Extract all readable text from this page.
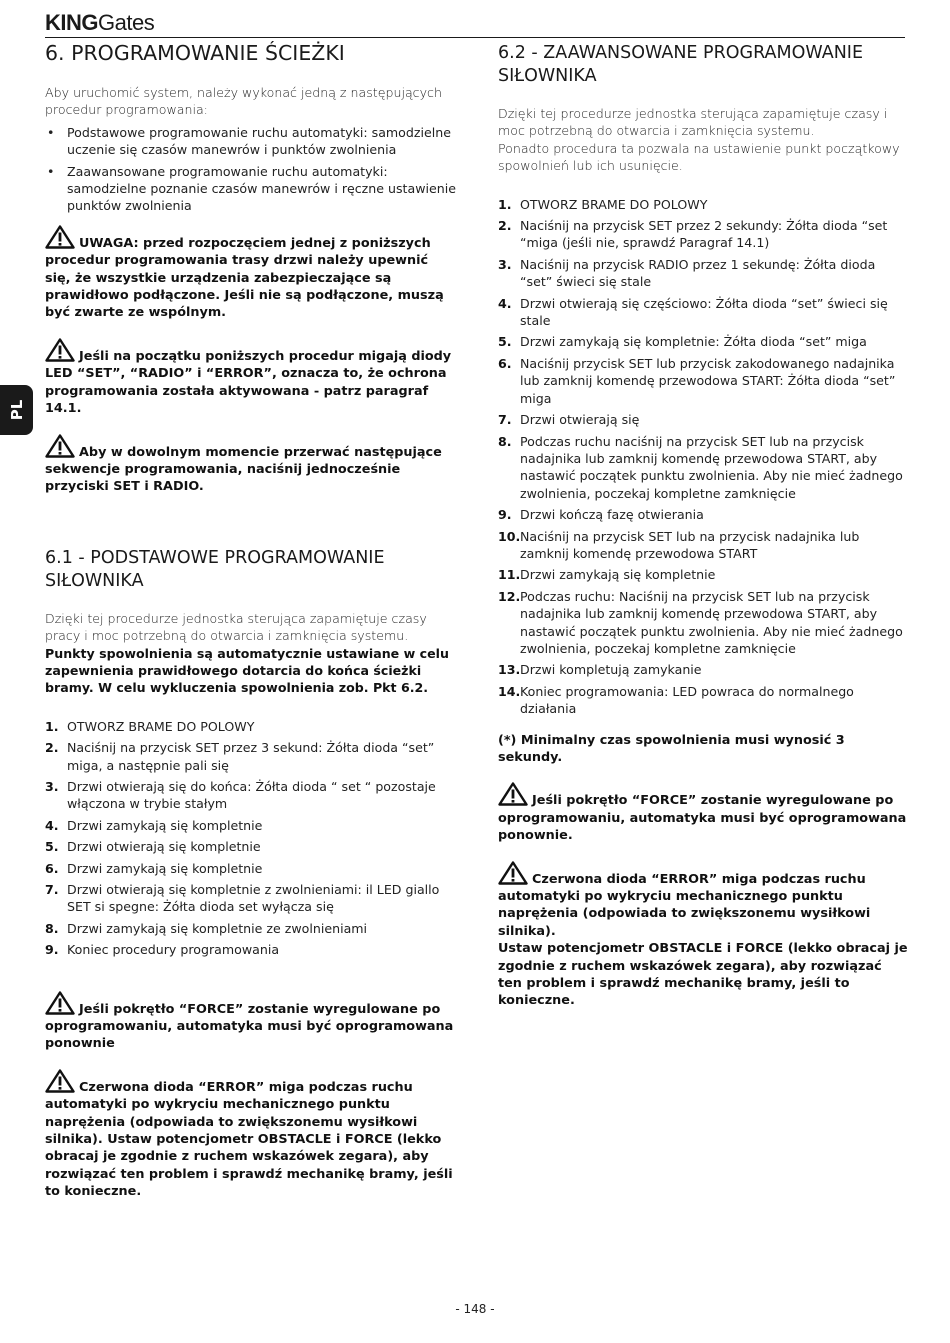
KINGGates
PL
6. PROGRAMOWANIE ŚCIEŻKI

Aby uruchomić system, należy wykonać jedną z następujących procedur programowania:

• Podstawowe programowanie ruchu automatyki: samodzielne uczenie się czasów manewrów i punktów zwolnienia
• Zaawansowane programowanie ruchu automatyki: samodzielne poznanie czasów manewrów i ręczne ustawienie punktów zwolnienia

UWAGA: przed rozpoczęciem jednej z poniższych procedur programowania trasy drzwi należy upewnić się, że wszystkie urządzenia zabezpieczające są prawidłowo podłączone. Jeśli nie są podłączone, muszą być zwarte ze wspólnym.

Jeśli na początku poniższych procedur migają diody LED “SET”, “RADIO” i “ERROR”, oznacza to, że ochrona programowania została aktywowana - patrz paragraf 14.1.

Aby w dowolnym momencie przerwać następujące sekwencje programowania, naciśnij jednocześnie przyciski SET i RADIO.

6.1 - PODSTAWOWE PROGRAMOWANIE SIŁOWNIKA

Dzięki tej procedurze jednostka sterująca zapamiętuje czasy pracy i moc potrzebną do otwarcia i zamknięcia systemu.

Punkty spowolnienia są automatycznie ustawiane w celu zapewnienia prawidłowego dotarcia do końca ścieżki bramy. W celu wykluczenia spowolnienia zob. Pkt 6.2.

1. OTWORZ BRAME DO POLOWY
2. Naciśnij na przycisk SET przez 3 sekund: Żółta dioda “set” miga, a następnie pali się
3. Drzwi otwierają się do końca: Żółta dioda “ set “ pozostaje włączona w trybie stałym
4. Drzwi zamykają się kompletnie
5. Drzwi otwierają się kompletnie
6. Drzwi zamykają się kompletnie
7. Drzwi otwierają się kompletnie z zwolnieniami: il LED giallo SET si spegne: Żółta dioda set wyłącza się
8. Drzwi zamykają się kompletnie ze zwolnieniami
9. Koniec procedury programowania

Jeśli pokrętło “FORCE” zostanie wyregulowane po oprogramowaniu, automatyka musi być oprogramowana ponownie

Czerwona dioda “ERROR” miga podczas ruchu automatyki po wykryciu mechanicznego punktu naprężenia (odpowiada to zwiększonemu wysiłkowi silnika). Ustaw potencjometr OBSTACLE i FORCE (lekko obracaj je zgodnie z ruchem wskazówek zegara), aby rozwiązać ten problem i sprawdź mechanikę bramy, jeśli to konieczne.

6.2 - ZAAWANSOWANE PROGRAMOWANIE SIŁOWNIKA

Dzięki tej procedurze jednostka sterująca zapamiętuje czasy i moc potrzebną do otwarcia i zamknięcia systemu.

Ponadto procedura ta pozwala na ustawienie punkt początkowy spowolnień lub ich usunięcie.

1. OTWORZ BRAME DO POLOWY
2. Naciśnij na przycisk SET przez 2 sekundy: Żółta dioda “set “miga (jeśli nie, sprawdź Paragraf 14.1)
3. Naciśnij na przycisk RADIO przez 1 sekundę: Żółta dioda “set” świeci się stale
4. Drzwi otwierają się częściowo: Żółta dioda “set” świeci się stale
5. Drzwi zamykają się kompletnie: Żółta dioda “set” miga
6. Naciśnij przycisk SET lub przycisk zakodowanego nadajnika lub zamknij komendę przewodowa START: Żółta dioda “set” miga
7. Drzwi otwierają się
8. Podczas ruchu naciśnij na przycisk SET lub na przycisk nadajnika lub zamknij komendę przewodowa START, aby nastawić początek punktu zwolnienia. Aby nie mieć żadnego zwolnienia, poczekaj kompletne zamknięcie
9. Drzwi kończą fazę otwierania
10. Naciśnij na przycisk SET lub na przycisk nadajnika lub zamknij komendę przewodowa START
11. Drzwi zamykają się kompletnie
12. Podczas ruchu: Naciśnij na przycisk SET lub na przycisk nadajnika lub zamknij komendę przewodowa START, aby nastawić początek punktu zwolnienia. Aby nie mieć żadnego zwolnienia, poczekaj kompletne zamknięcie
13. Drzwi kompletują zamykanie
14. Koniec programowania: LED powraca do normalnego działania

(*) Minimalny czas spowolnienia musi wynosić 3 sekundy.

Jeśli pokrętło “FORCE” zostanie wyregulowane po oprogramowaniu, automatyka musi być oprogramowana ponownie.

Czerwona dioda “ERROR” miga podczas ruchu automatyki po wykryciu mechanicznego punktu naprężenia (odpowiada to zwiększonemu wysiłkowi silnika).

Ustaw potencjometr OBSTACLE i FORCE (lekko obracaj je zgodnie z ruchem wskazówek zegara), aby rozwiązać ten problem i sprawdź mechanikę bramy, jeśli to konieczne.

- 148 -
